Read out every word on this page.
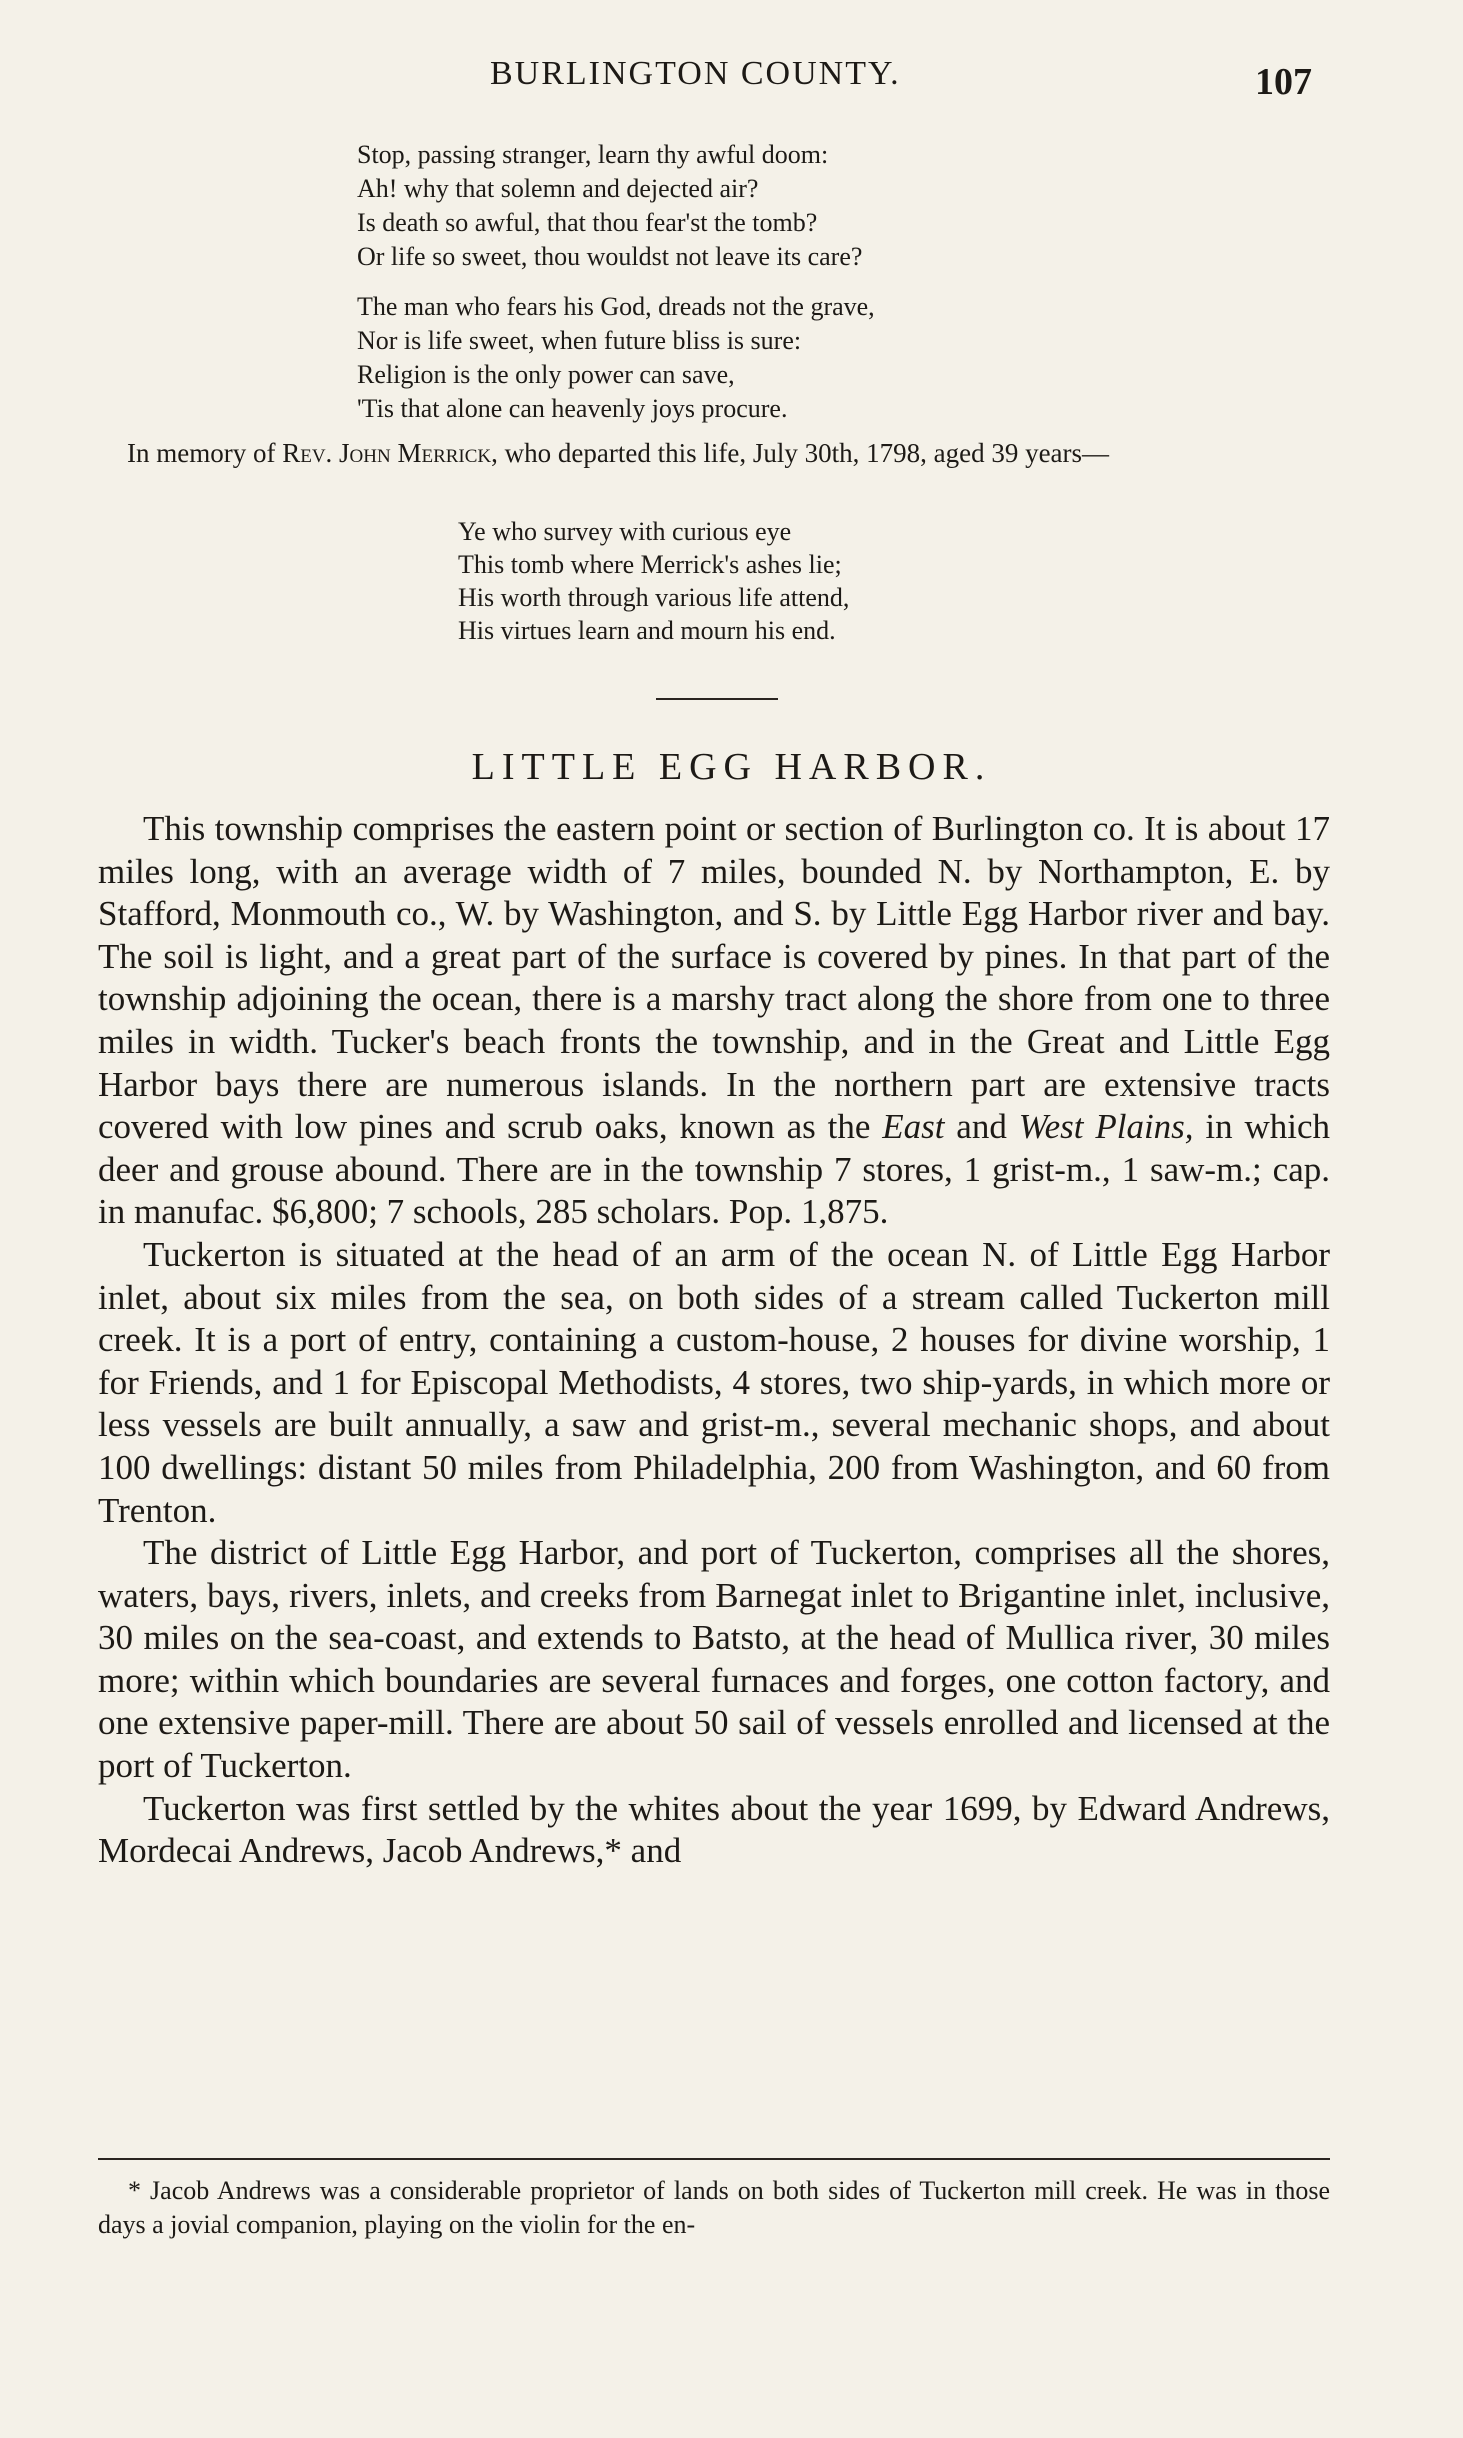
BURLINGTON COUNTY.	107
Stop, passing stranger, learn thy awful doom:
Ah! why that solemn and dejected air?
Is death so awful, that thou fear'st the tomb?
Or life so sweet, thou wouldst not leave its care?
The man who fears his God, dreads not the grave,
Nor is life sweet, when future bliss is sure:
Religion is the only power can save,
'Tis that alone can heavenly joys procure.
In memory of Rev. John Merrick, who departed this life, July 30th, 1798, aged 39 years—
Ye who survey with curious eye
This tomb where Merrick's ashes lie;
His worth through various life attend,
His virtues learn and mourn his end.
LITTLE EGG HARBOR.

This township comprises the eastern point or section of Burlington co. It is about 17 miles long, with an average width of 7 miles, bounded N. by Northampton, E. by Stafford, Monmouth co., W. by Washington, and S. by Little Egg Harbor river and bay. The soil is light, and a great part of the surface is covered by pines. In that part of the township adjoining the ocean, there is a marshy tract along the shore from one to three miles in width. Tucker's beach fronts the township, and in the Great and Little Egg Harbor bays there are numerous islands. In the northern part are extensive tracts covered with low pines and scrub oaks, known as the East and West Plains, in which deer and grouse abound. There are in the township 7 stores, 1 grist-m., 1 saw-m.; cap. in manufac. $6,800; 7 schools, 285 scholars. Pop. 1,875.

Tuckerton is situated at the head of an arm of the ocean N. of Little Egg Harbor inlet, about six miles from the sea, on both sides of a stream called Tuckerton mill creek. It is a port of entry, containing a custom-house, 2 houses for divine worship, 1 for Friends, and 1 for Episcopal Methodists, 4 stores, two ship-yards, in which more or less vessels are built annually, a saw and grist-m., several mechanic shops, and about 100 dwellings: distant 50 miles from Philadelphia, 200 from Washington, and 60 from Trenton.

The district of Little Egg Harbor, and port of Tuckerton, comprises all the shores, waters, bays, rivers, inlets, and creeks from Barnegat inlet to Brigantine inlet, inclusive, 30 miles on the sea-coast, and extends to Batsto, at the head of Mullica river, 30 miles more; within which boundaries are several furnaces and forges, one cotton factory, and one extensive paper-mill. There are about 50 sail of vessels enrolled and licensed at the port of Tuckerton.

Tuckerton was first settled by the whites about the year 1699, by Edward Andrews, Mordecai Andrews, Jacob Andrews,* and

* Jacob Andrews was a considerable proprietor of lands on both sides of Tuckerton mill creek. He was in those days a jovial companion, playing on the violin for the en-
